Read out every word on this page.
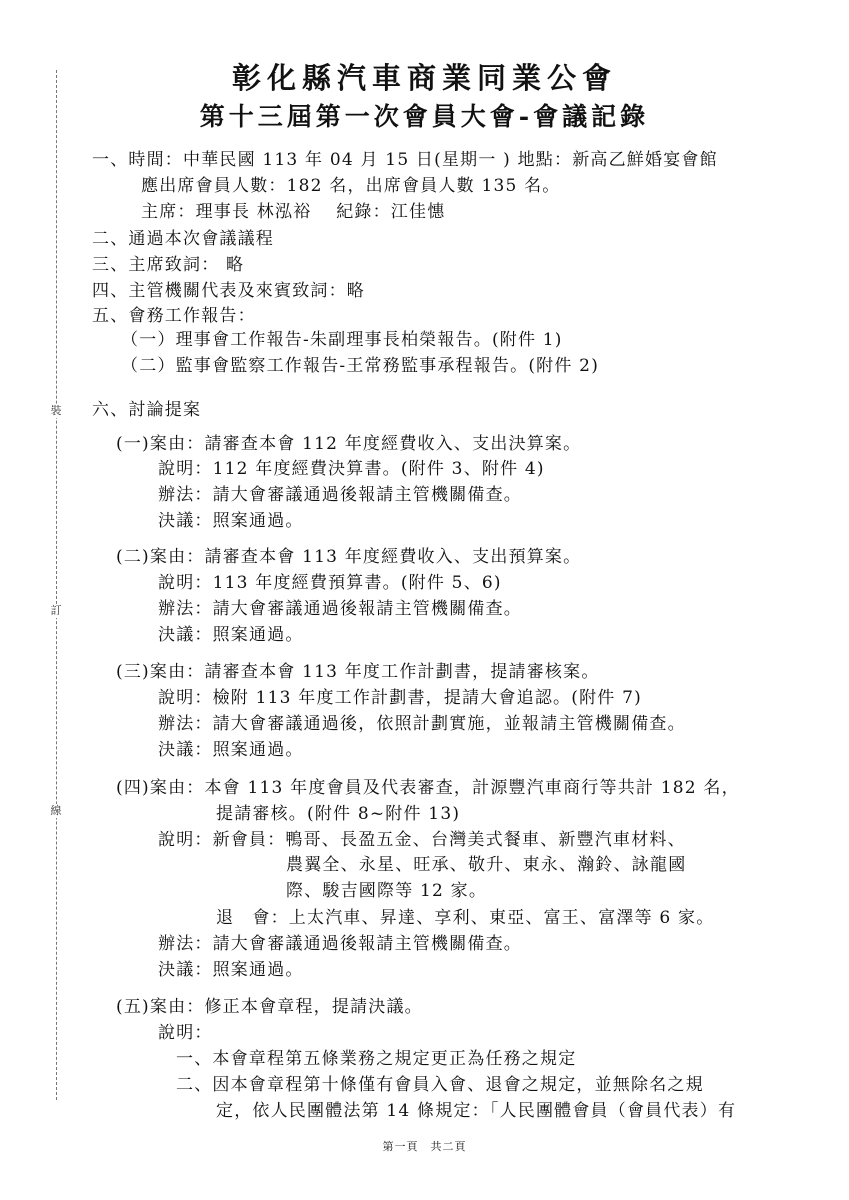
裝
訂
線
彰化縣汽車商業同業公會
第十三屆第一次會員大會-會議記錄
一、時間：中華民國 113 年 04 月 15 日(星期一 ) 地點：新高乙鮮婚宴會館
應出席會員人數：182 名，出席會員人數 135 名。
主席：理事長 林泓裕　 紀錄：江佳憓
二、通過本次會議議程
三、主席致詞： 略
四、主管機關代表及來賓致詞：略
五、會務工作報告：
（一）理事會工作報告-朱副理事長柏榮報告。(附件 1)
（二）監事會監察工作報告-王常務監事承程報告。(附件 2)
六、討論提案
(一)案由：請審查本會 112 年度經費收入、支出決算案。
說明：112 年度經費決算書。(附件 3、附件 4)
辦法：請大會審議通過後報請主管機關備查。
決議：照案通過。
(二)案由：請審查本會 113 年度經費收入、支出預算案。
說明：113 年度經費預算書。(附件 5、6)
辦法：請大會審議通過後報請主管機關備查。
決議：照案通過。
(三)案由：請審查本會 113 年度工作計劃書，提請審核案。
說明：檢附 113 年度工作計劃書，提請大會追認。(附件 7)
辦法：請大會審議通過後，依照計劃實施，並報請主管機關備查。
決議：照案通過。
(四)案由：本會 113 年度會員及代表審查，計源豐汽車商行等共計 182 名，
提請審核。(附件 8~附件 13)
說明：新會員：鴨哥、長盈五金、台灣美式餐車、新豐汽車材料、
農翼全、永星、旺承、敬升、東永、瀚鈴、詠龍國
際、駿吉國際等 12 家。
退　會：上太汽車、昇達、享利、東亞、富王、富澤等 6 家。
辦法：請大會審議通過後報請主管機關備查。
決議：照案通過。
(五)案由：修正本會章程，提請決議。
說明：
一、本會章程第五條業務之規定更正為任務之規定
二、因本會章程第十條僅有會員入會、退會之規定，並無除名之規
定，依人民團體法第 14 條規定：「人民團體會員（會員代表）有
第一頁　共二頁
